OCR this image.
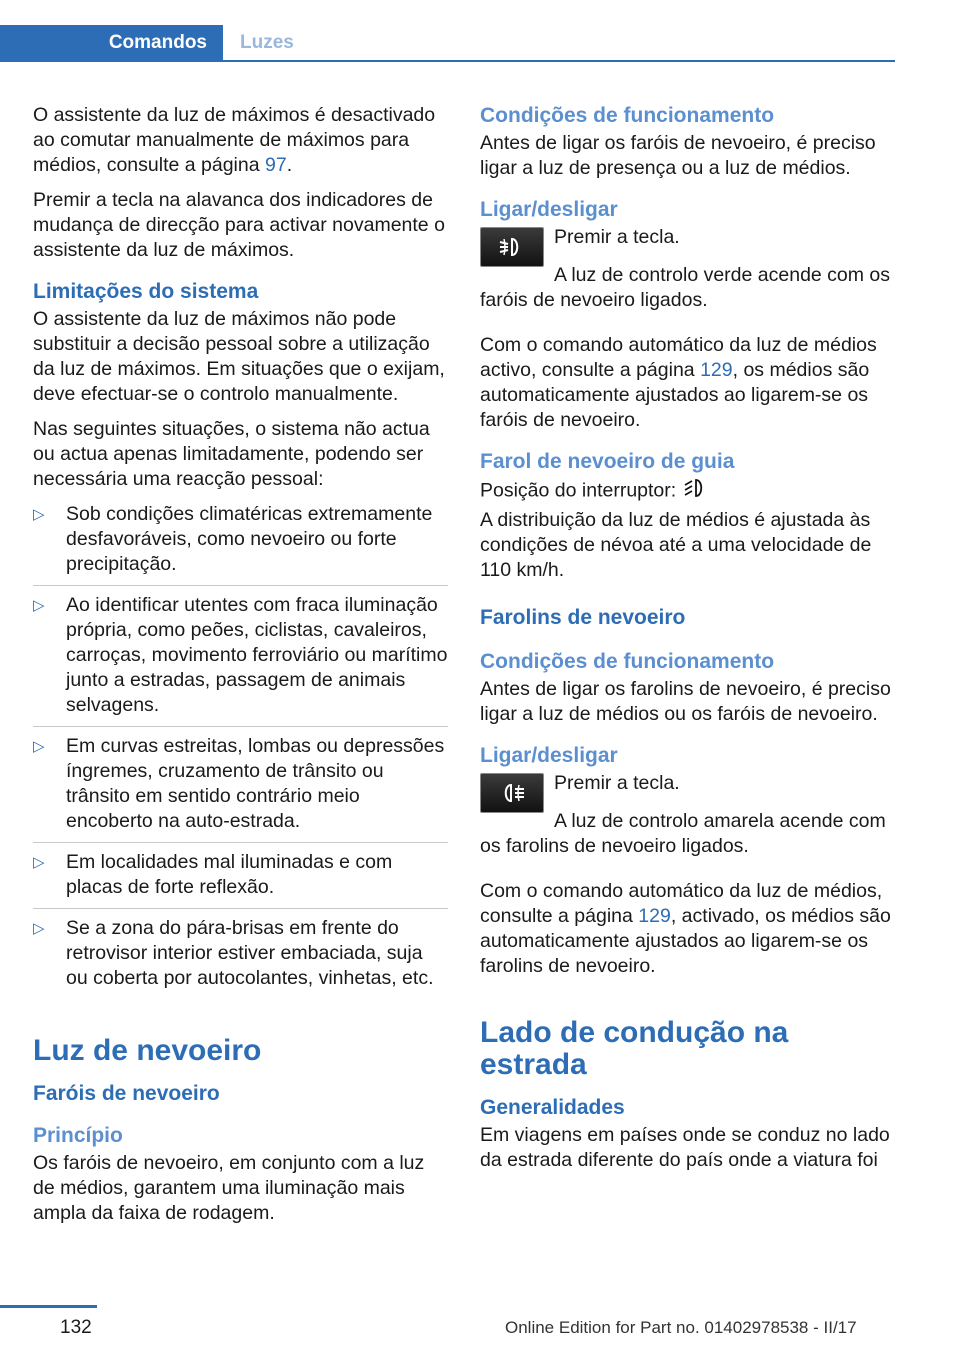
Comandos	Luzes

O assistente da luz de máximos é desactivado ao comutar manualmente de máximos para médios, consulte a página 97.

Premir a tecla na alavanca dos indicadores de mudança de direcção para activar novamente o assistente da luz de máximos.

Limitações do sistema

O assistente da luz de máximos não pode substituir a decisão pessoal sobre a utilização da luz de máximos. Em situações que o exijam, deve efectuar-se o controlo manualmente.

Nas seguintes situações, o sistema não actua ou actua apenas limitadamente, podendo ser necessária uma reacção pessoal:

▷ Sob condições climatéricas extremamente desfavoráveis, como nevoeiro ou forte precipitação.
▷ Ao identificar utentes com fraca iluminação própria, como peões, ciclistas, cavaleiros, carroças, movimento ferroviário ou marítimo junto a estradas, passagem de animais selvagens.
▷ Em curvas estreitas, lombas ou depressões íngremes, cruzamento de trânsito ou trânsito em sentido contrário meio encoberto na auto-estrada.
▷ Em localidades mal iluminadas e com placas de forte reflexão.
▷ Se a zona do pára-brisas em frente do retrovisor interior estiver embaciada, suja ou coberta por autocolantes, vinhetas, etc.
Luz de nevoeiro
Faróis de nevoeiro
Princípio

Os faróis de nevoeiro, em conjunto com a luz de médios, garantem uma iluminação mais ampla da faixa de rodagem.

Condições de funcionamento

Antes de ligar os faróis de nevoeiro, é preciso ligar a luz de presença ou a luz de médios.

Ligar/desligar

Premir a tecla.

A luz de controlo verde acende com os faróis de nevoeiro ligados.

Com o comando automático da luz de médios activo, consulte a página 129, os médios são automaticamente ajustados ao ligarem-se os faróis de nevoeiro.

Farol de nevoeiro de guia

Posição do interruptor:

A distribuição da luz de médios é ajustada às condições de névoa até a uma velocidade de 110 km/h.

Farolins de nevoeiro
Condições de funcionamento

Antes de ligar os farolins de nevoeiro, é preciso ligar a luz de médios ou os faróis de nevoeiro.

Ligar/desligar

Premir a tecla.

A luz de controlo amarela acende com os farolins de nevoeiro ligados.

Com o comando automático da luz de médios, consulte a página 129, activado, os médios são automaticamente ajustados ao ligarem-se os farolins de nevoeiro.

Lado de condução na estrada
Generalidades

Em viagens em países onde se conduz no lado da estrada diferente do país onde a viatura foi

132	Online Edition for Part no. 01402978538 - II/17
